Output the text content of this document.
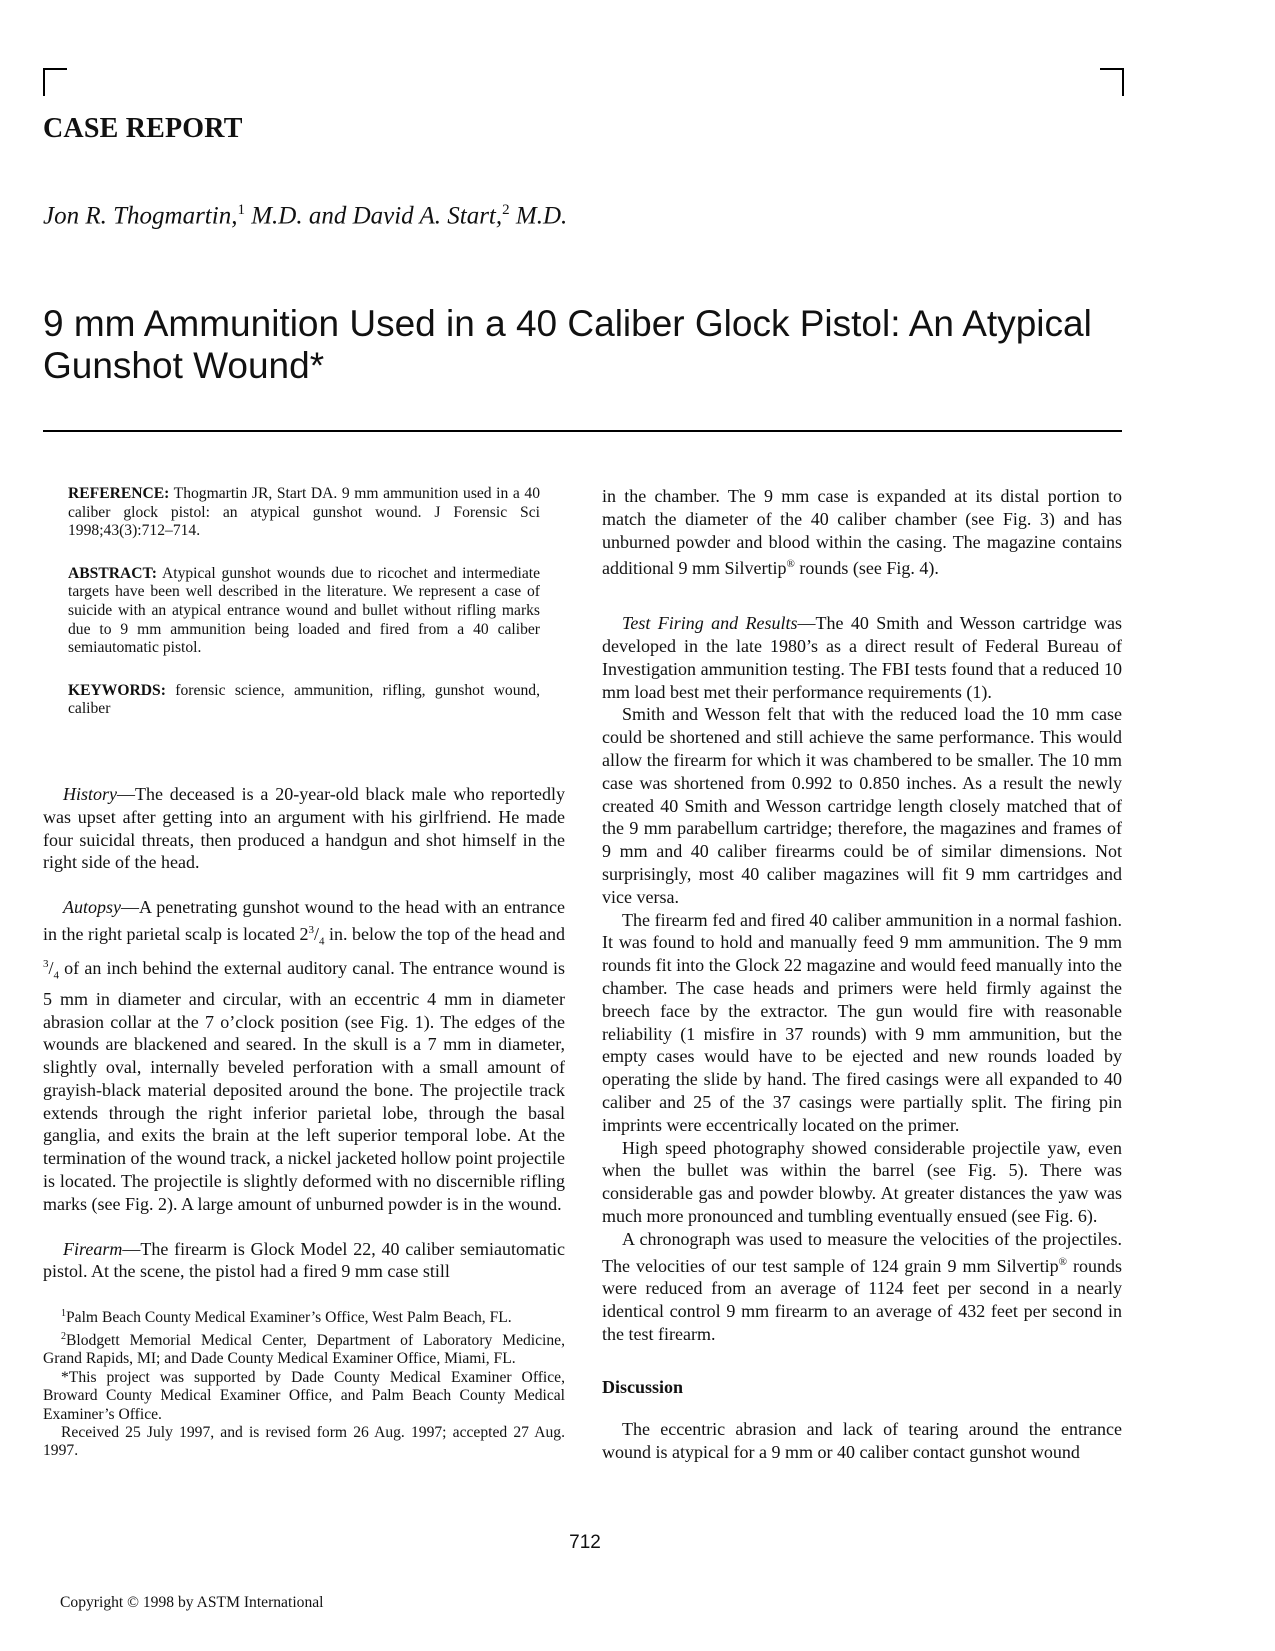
CASE REPORT
Jon R. Thogmartin,$^1$ M.D. and David A. Start,$^2$ M.D.
9 mm Ammunition Used in a 40 Caliber Glock Pistol: An Atypical Gunshot Wound*

REFERENCE: Thogmartin JR, Start DA. 9 mm ammunition used in a 40 caliber glock pistol: an atypical gunshot wound. J Forensic Sci 1998;43(3):712–714.

ABSTRACT: Atypical gunshot wounds due to ricochet and intermediate targets have been well described in the literature. We represent a case of suicide with an atypical entrance wound and bullet without rifling marks due to 9 mm ammunition being loaded and fired from a 40 caliber semiautomatic pistol.

KEYWORDS: forensic science, ammunition, rifling, gunshot wound, caliber

History—The deceased is a 20-year-old black male who reportedly was upset after getting into an argument with his girlfriend. He made four suicidal threats, then produced a handgun and shot himself in the right side of the head.

Autopsy—A penetrating gunshot wound to the head with an entrance in the right parietal scalp is located $2^3/_4$ in. below the top of the head and $^3/_4$ of an inch behind the external auditory canal. The entrance wound is 5 mm in diameter and circular, with an eccentric 4 mm in diameter abrasion collar at the 7 o’clock position (see Fig. 1). The edges of the wounds are blackened and seared. In the skull is a 7 mm in diameter, slightly oval, internally beveled perforation with a small amount of grayish-black material deposited around the bone. The projectile track extends through the right inferior parietal lobe, through the basal ganglia, and exits the brain at the left superior temporal lobe. At the termination of the wound track, a nickel jacketed hollow point projectile is located. The projectile is slightly deformed with no discernible rifling marks (see Fig. 2). A large amount of unburned powder is in the wound.

Firearm—The firearm is Glock Model 22, 40 caliber semiautomatic pistol. At the scene, the pistol had a fired 9 mm case still

$^1$Palm Beach County Medical Examiner’s Office, West Palm Beach, FL.

$^2$Blodgett Memorial Medical Center, Department of Laboratory Medicine, Grand Rapids, MI; and Dade County Medical Examiner Office, Miami, FL.

*This project was supported by Dade County Medical Examiner Office, Broward County Medical Examiner Office, and Palm Beach County Medical Examiner’s Office.

Received 25 July 1997, and is revised form 26 Aug. 1997; accepted 27 Aug. 1997.

in the chamber. The 9 mm case is expanded at its distal portion to match the diameter of the 40 caliber chamber (see Fig. 3) and has unburned powder and blood within the casing. The magazine contains additional 9 mm Silvertip® rounds (see Fig. 4).

Test Firing and Results—The 40 Smith and Wesson cartridge was developed in the late 1980’s as a direct result of Federal Bureau of Investigation ammunition testing. The FBI tests found that a reduced 10 mm load best met their performance requirements (1).

Smith and Wesson felt that with the reduced load the 10 mm case could be shortened and still achieve the same performance. This would allow the firearm for which it was chambered to be smaller. The 10 mm case was shortened from 0.992 to 0.850 inches. As a result the newly created 40 Smith and Wesson cartridge length closely matched that of the 9 mm parabellum cartridge; therefore, the magazines and frames of 9 mm and 40 caliber firearms could be of similar dimensions. Not surprisingly, most 40 caliber magazines will fit 9 mm cartridges and vice versa.

The firearm fed and fired 40 caliber ammunition in a normal fashion. It was found to hold and manually feed 9 mm ammunition. The 9 mm rounds fit into the Glock 22 magazine and would feed manually into the chamber. The case heads and primers were held firmly against the breech face by the extractor. The gun would fire with reasonable reliability (1 misfire in 37 rounds) with 9 mm ammunition, but the empty cases would have to be ejected and new rounds loaded by operating the slide by hand. The fired casings were all expanded to 40 caliber and 25 of the 37 casings were partially split. The firing pin imprints were eccentrically located on the primer.

High speed photography showed considerable projectile yaw, even when the bullet was within the barrel (see Fig. 5). There was considerable gas and powder blowby. At greater distances the yaw was much more pronounced and tumbling eventually ensued (see Fig. 6).

A chronograph was used to measure the velocities of the projectiles. The velocities of our test sample of 124 grain 9 mm Silvertip® rounds were reduced from an average of 1124 feet per second in a nearly identical control 9 mm firearm to an average of 432 feet per second in the test firearm.

Discussion

The eccentric abrasion and lack of tearing around the entrance wound is atypical for a 9 mm or 40 caliber contact gunshot wound

712
Copyright © 1998 by ASTM International
